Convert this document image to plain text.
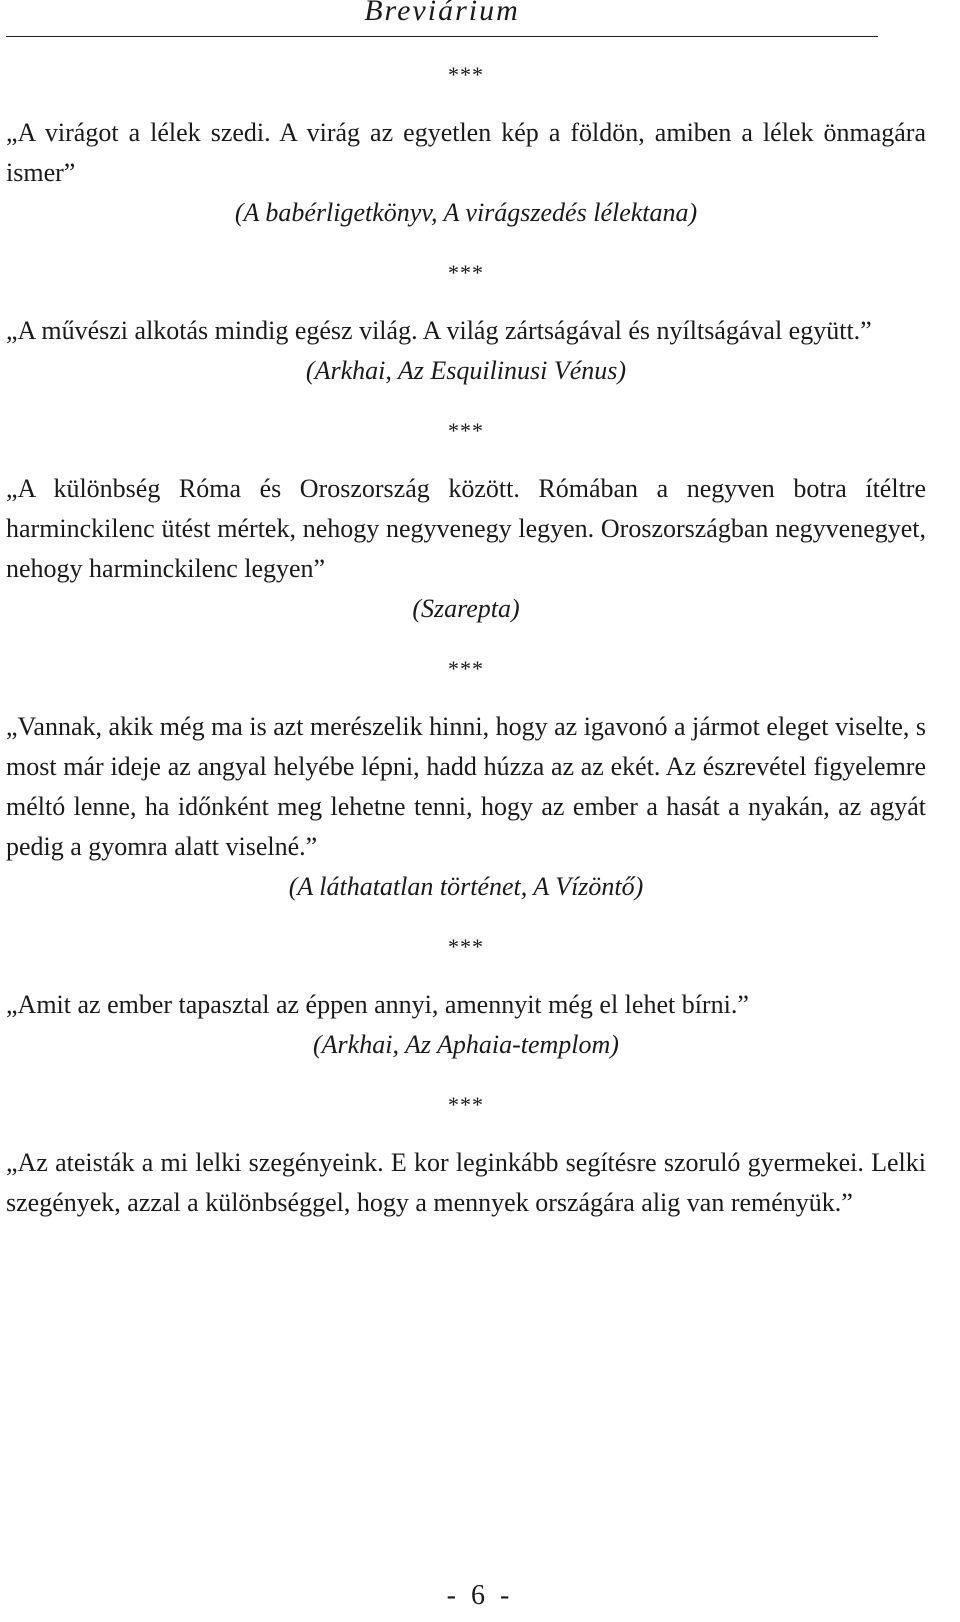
Breviárium
***

„A virágot a lélek szedi. A virág az egyetlen kép a földön, amiben a lélek önmagára ismer”

(A babérligetkönyv, A virágszedés lélektana)

***

„A művészi alkotás mindig egész világ. A világ zártságával és nyíltságával együtt.”

(Arkhai, Az Esquilinusi Vénus)

***

„A különbség Róma és Oroszország között. Rómában a negyven botra ítéltre harminckilenc ütést mértek, nehogy negyvenegy legyen. Oroszországban negyvenegyet, nehogy harminckilenc legyen”

(Szarepta)

***

„Vannak, akik még ma is azt merészelik hinni, hogy az igavonó a jármot eleget viselte, s most már ideje az angyal helyébe lépni, hadd húzza az az ekét. Az észrevétel figyelemre méltó lenne, ha időnként meg lehetne tenni, hogy az ember a hasát a nyakán, az agyát pedig a gyomra alatt viselné.”

(A láthatatlan történet, A Vízöntő)

***

„Amit az ember tapasztal az éppen annyi, amennyit még el lehet bírni.”

(Arkhai, Az Aphaia-templom)

***

„Az ateisták a mi lelki szegényeink. E kor leginkább segítésre szoruló gyermekei. Lelki szegények, azzal a különbséggel, hogy a mennyek országára alig van reményük.”

- 6 -
